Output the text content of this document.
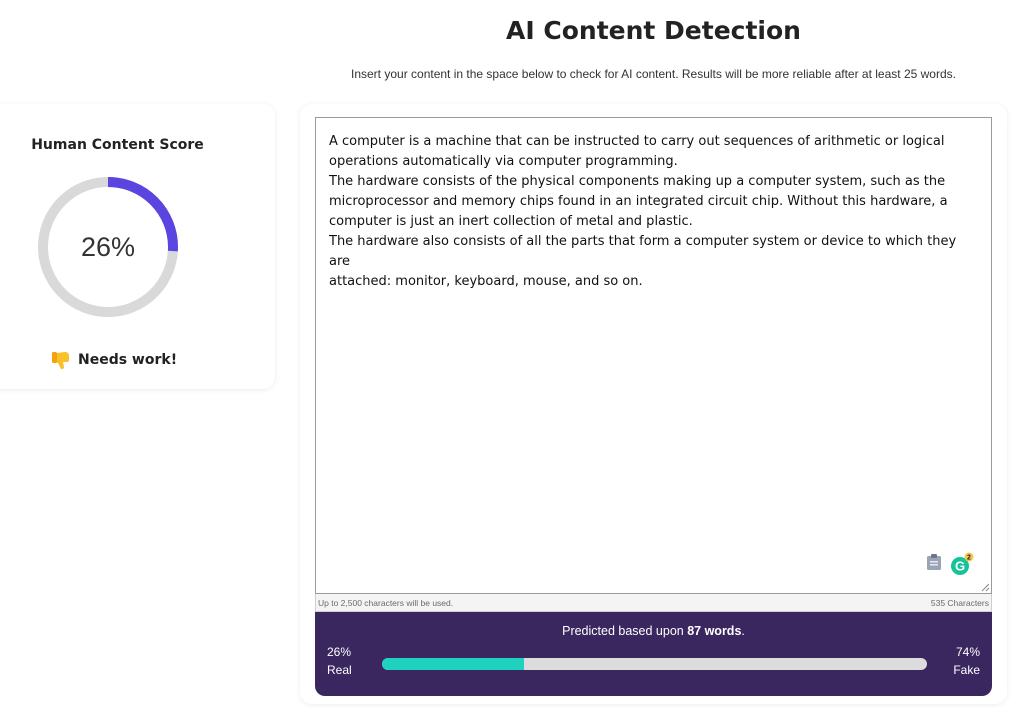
AI Content Detection
Insert your content in the space below to check for AI content. Results will be more reliable after at least 25 words.
Human Content Score
26%
Needs work!
A computer is a machine that can be instructed to carry out sequences of arithmetic or logical
operations automatically via computer programming.
The hardware consists of the physical components making up a computer system, such as the
microprocessor and memory chips found in an integrated circuit chip. Without this hardware, a
computer is just an inert collection of metal and plastic.
The hardware also consists of all the parts that form a computer system or device to which they are
attached: monitor, keyboard, mouse, and so on.
G
2
Up to 2,500 characters will be used.	535 Characters
Predicted based upon 87 words.
26%
Real
74%
Fake
